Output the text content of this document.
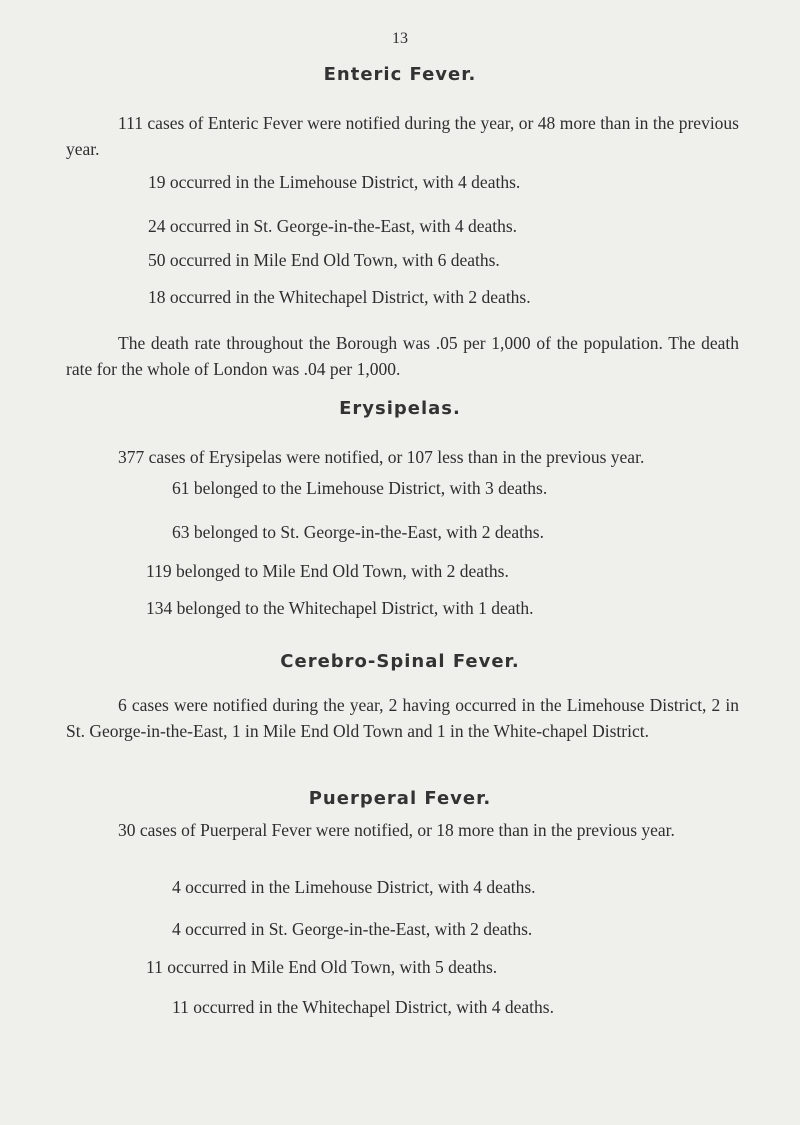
13
Enteric Fever.

111 cases of Enteric Fever were notified during the year, or 48 more than in the previous year.

19 occurred in the Limehouse District, with 4 deaths.

24 occurred in St. George-in-the-East, with 4 deaths.

50 occurred in Mile End Old Town, with 6 deaths.

18 occurred in the Whitechapel District, with 2 deaths.

The death rate throughout the Borough was .05 per 1,000 of the population. The death rate for the whole of London was .04 per 1,000.

Erysipelas.

377 cases of Erysipelas were notified, or 107 less than in the previous year.

61 belonged to the Limehouse District, with 3 deaths.

63 belonged to St. George-in-the-East, with 2 deaths.

119 belonged to Mile End Old Town, with 2 deaths.

134 belonged to the Whitechapel District, with 1 death.

Cerebro-Spinal Fever.

6 cases were notified during the year, 2 having occurred in the Limehouse District, 2 in St. George-in-the-East, 1 in Mile End Old Town and 1 in the White-chapel District.

Puerperal Fever.

30 cases of Puerperal Fever were notified, or 18 more than in the previous year.

4 occurred in the Limehouse District, with 4 deaths.

4 occurred in St. George-in-the-East, with 2 deaths.

11 occurred in Mile End Old Town, with 5 deaths.

11 occurred in the Whitechapel District, with 4 deaths.
